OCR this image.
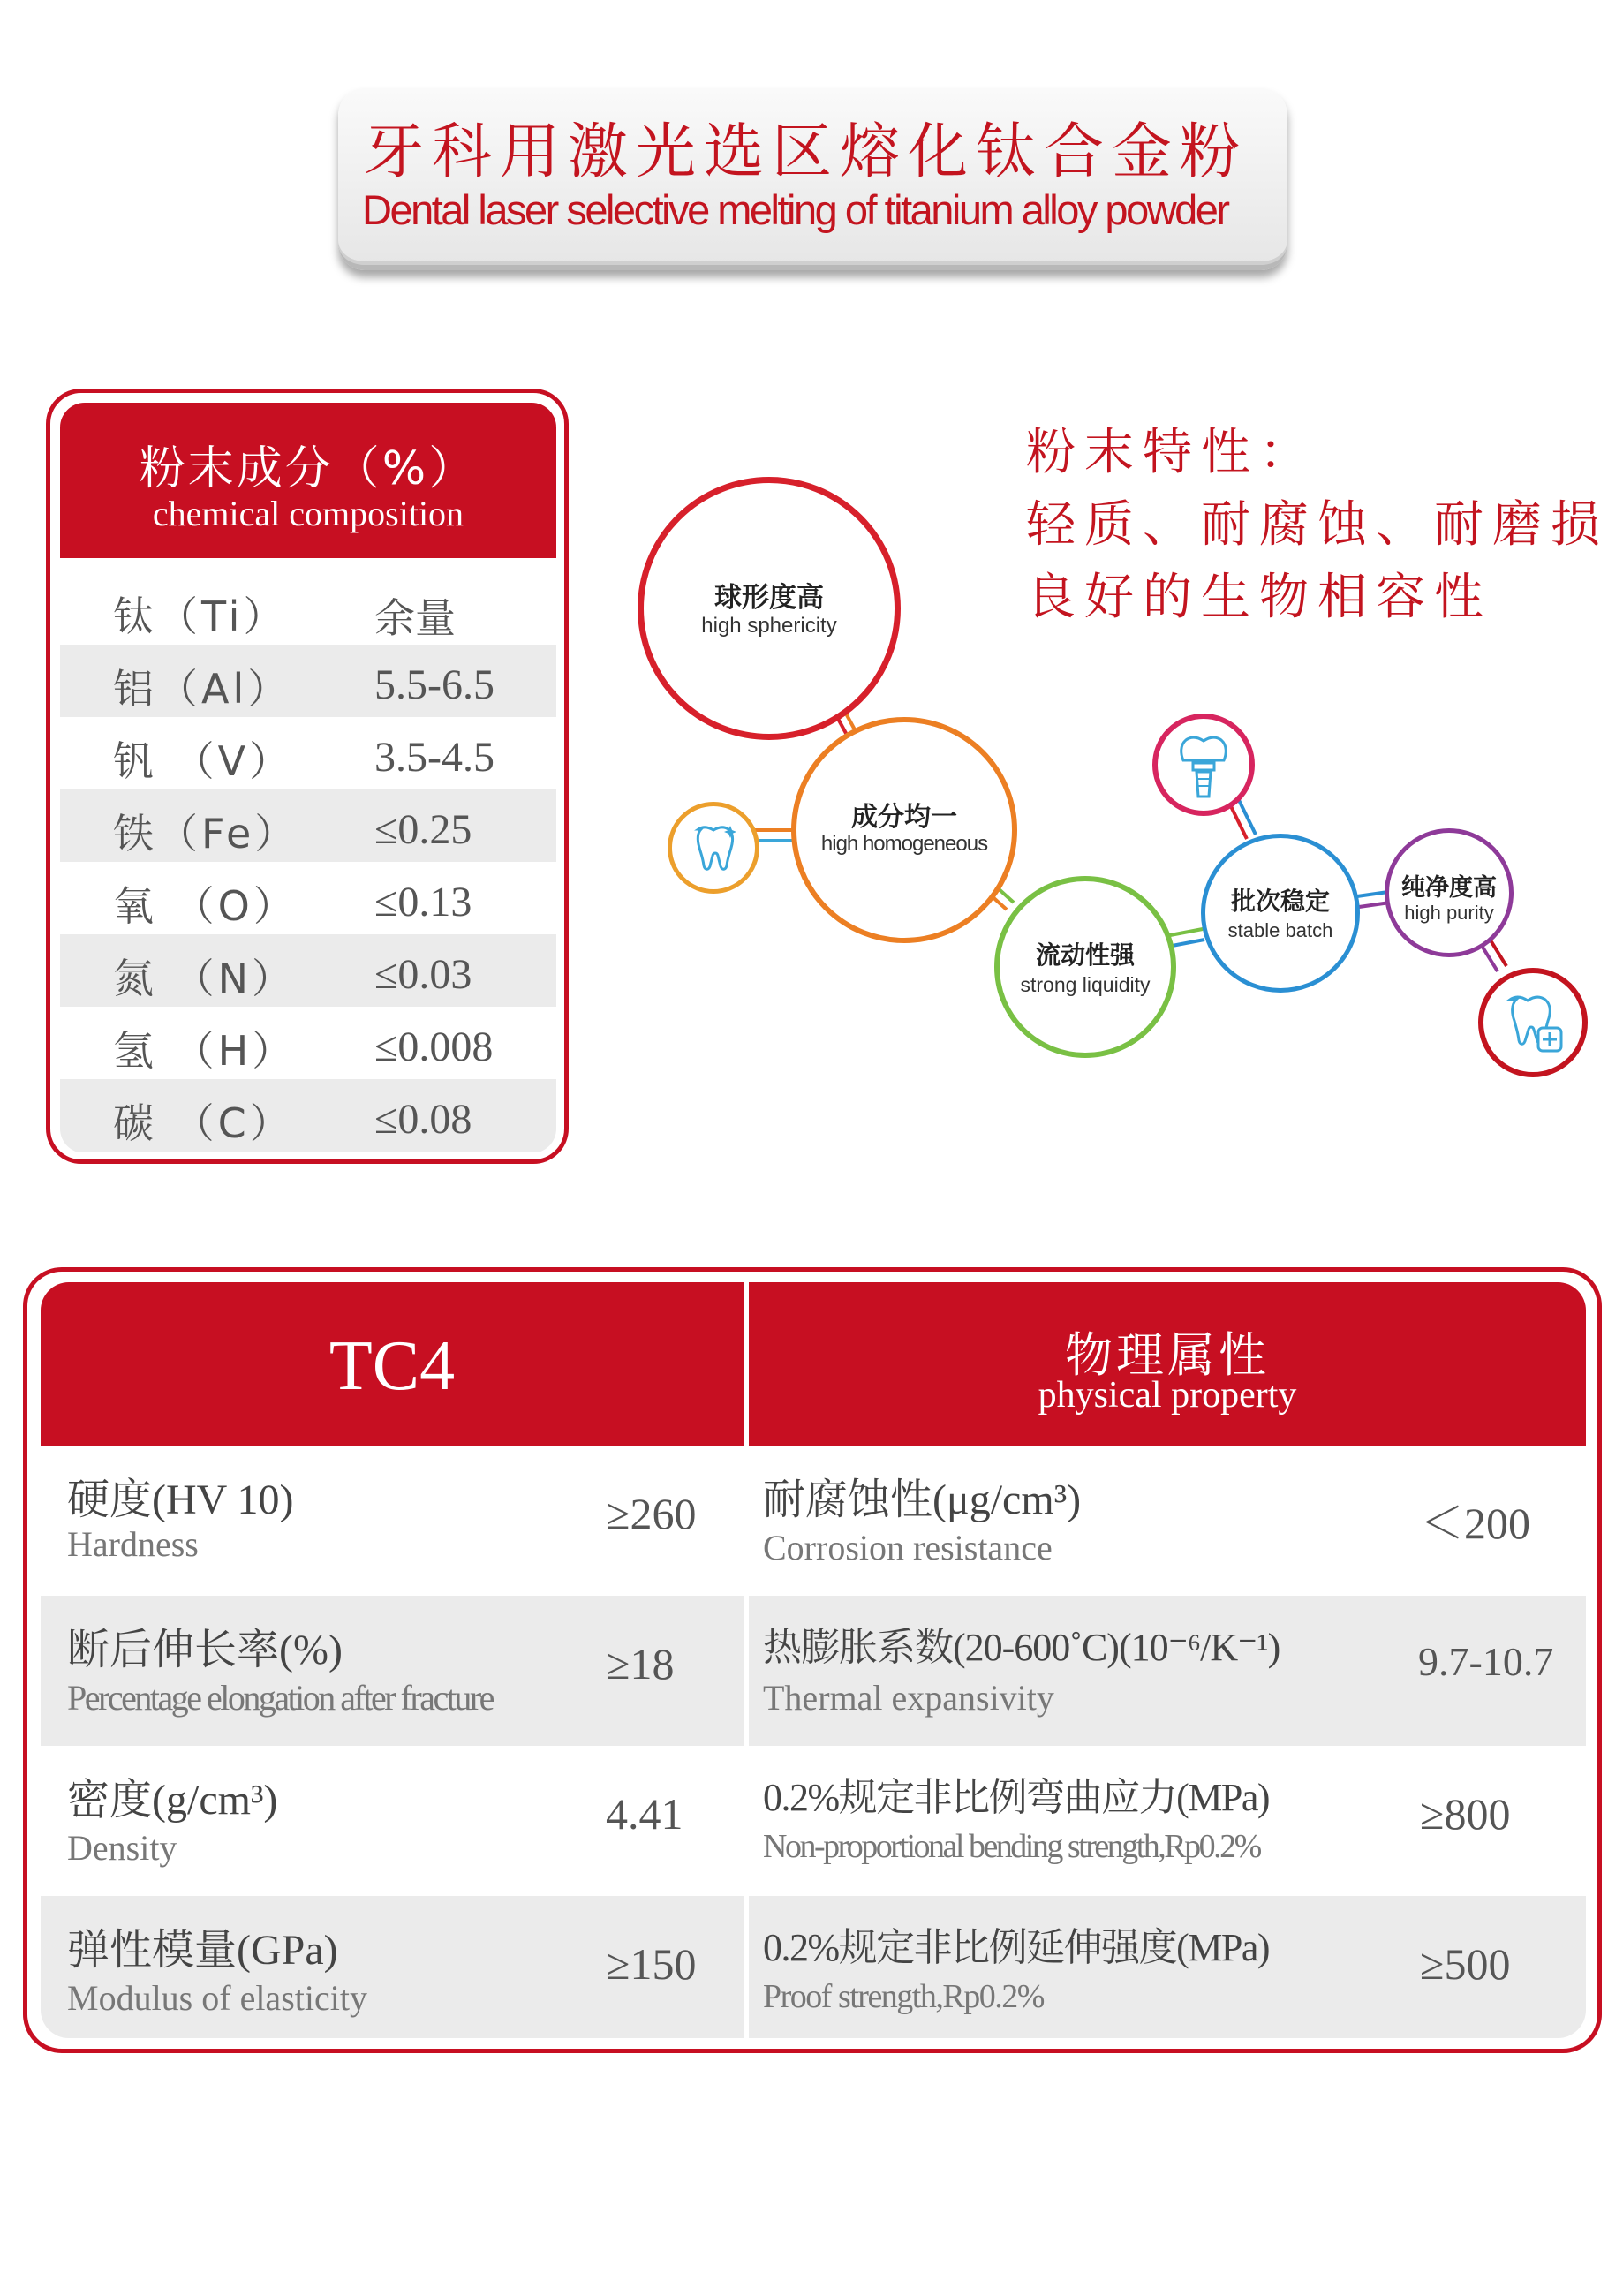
牙科用激光选区熔化钛合金粉
Dental laser selective melting of titanium alloy powder
粉末成分（%）
chemical composition
钛（Ti） 余量
铝（Al） 5.5-6.5
钒 （V） 3.5-4.5
铁（Fe） ≤0.25
氧 （O） ≤0.13
氮 （N） ≤0.03
氢 （H） ≤0.008
碳 （C） ≤0.08
粉末特性：
轻质、耐腐蚀、耐磨损
良好的生物相容性
球形度高
high sphericity
成分均一
high homogeneous
流动性强
strong liquidity
批次稳定
stable batch
纯净度高
high purity
TC4	物理属性
physical property
硬度(HV 10)
Hardness
≥260
断后伸长率(%)
Percentage elongation after fracture
≥18
密度(g/cm³)
Density
4.41
弹性模量(GPa)
Modulus of elasticity
≥150
耐腐蚀性(μg/cm³)
Corrosion resistance	＜200
热膨胀系数(20-600˚C)(10⁻⁶/K⁻¹)
Thermal expansivity
9.7-10.7
0.2%规定非比例弯曲应力(MPa)
Non-proportional bending strength,Rp0.2%
≥800
0.2%规定非比例延伸强度(MPa)
Proof strength,Rp0.2%
≥500
